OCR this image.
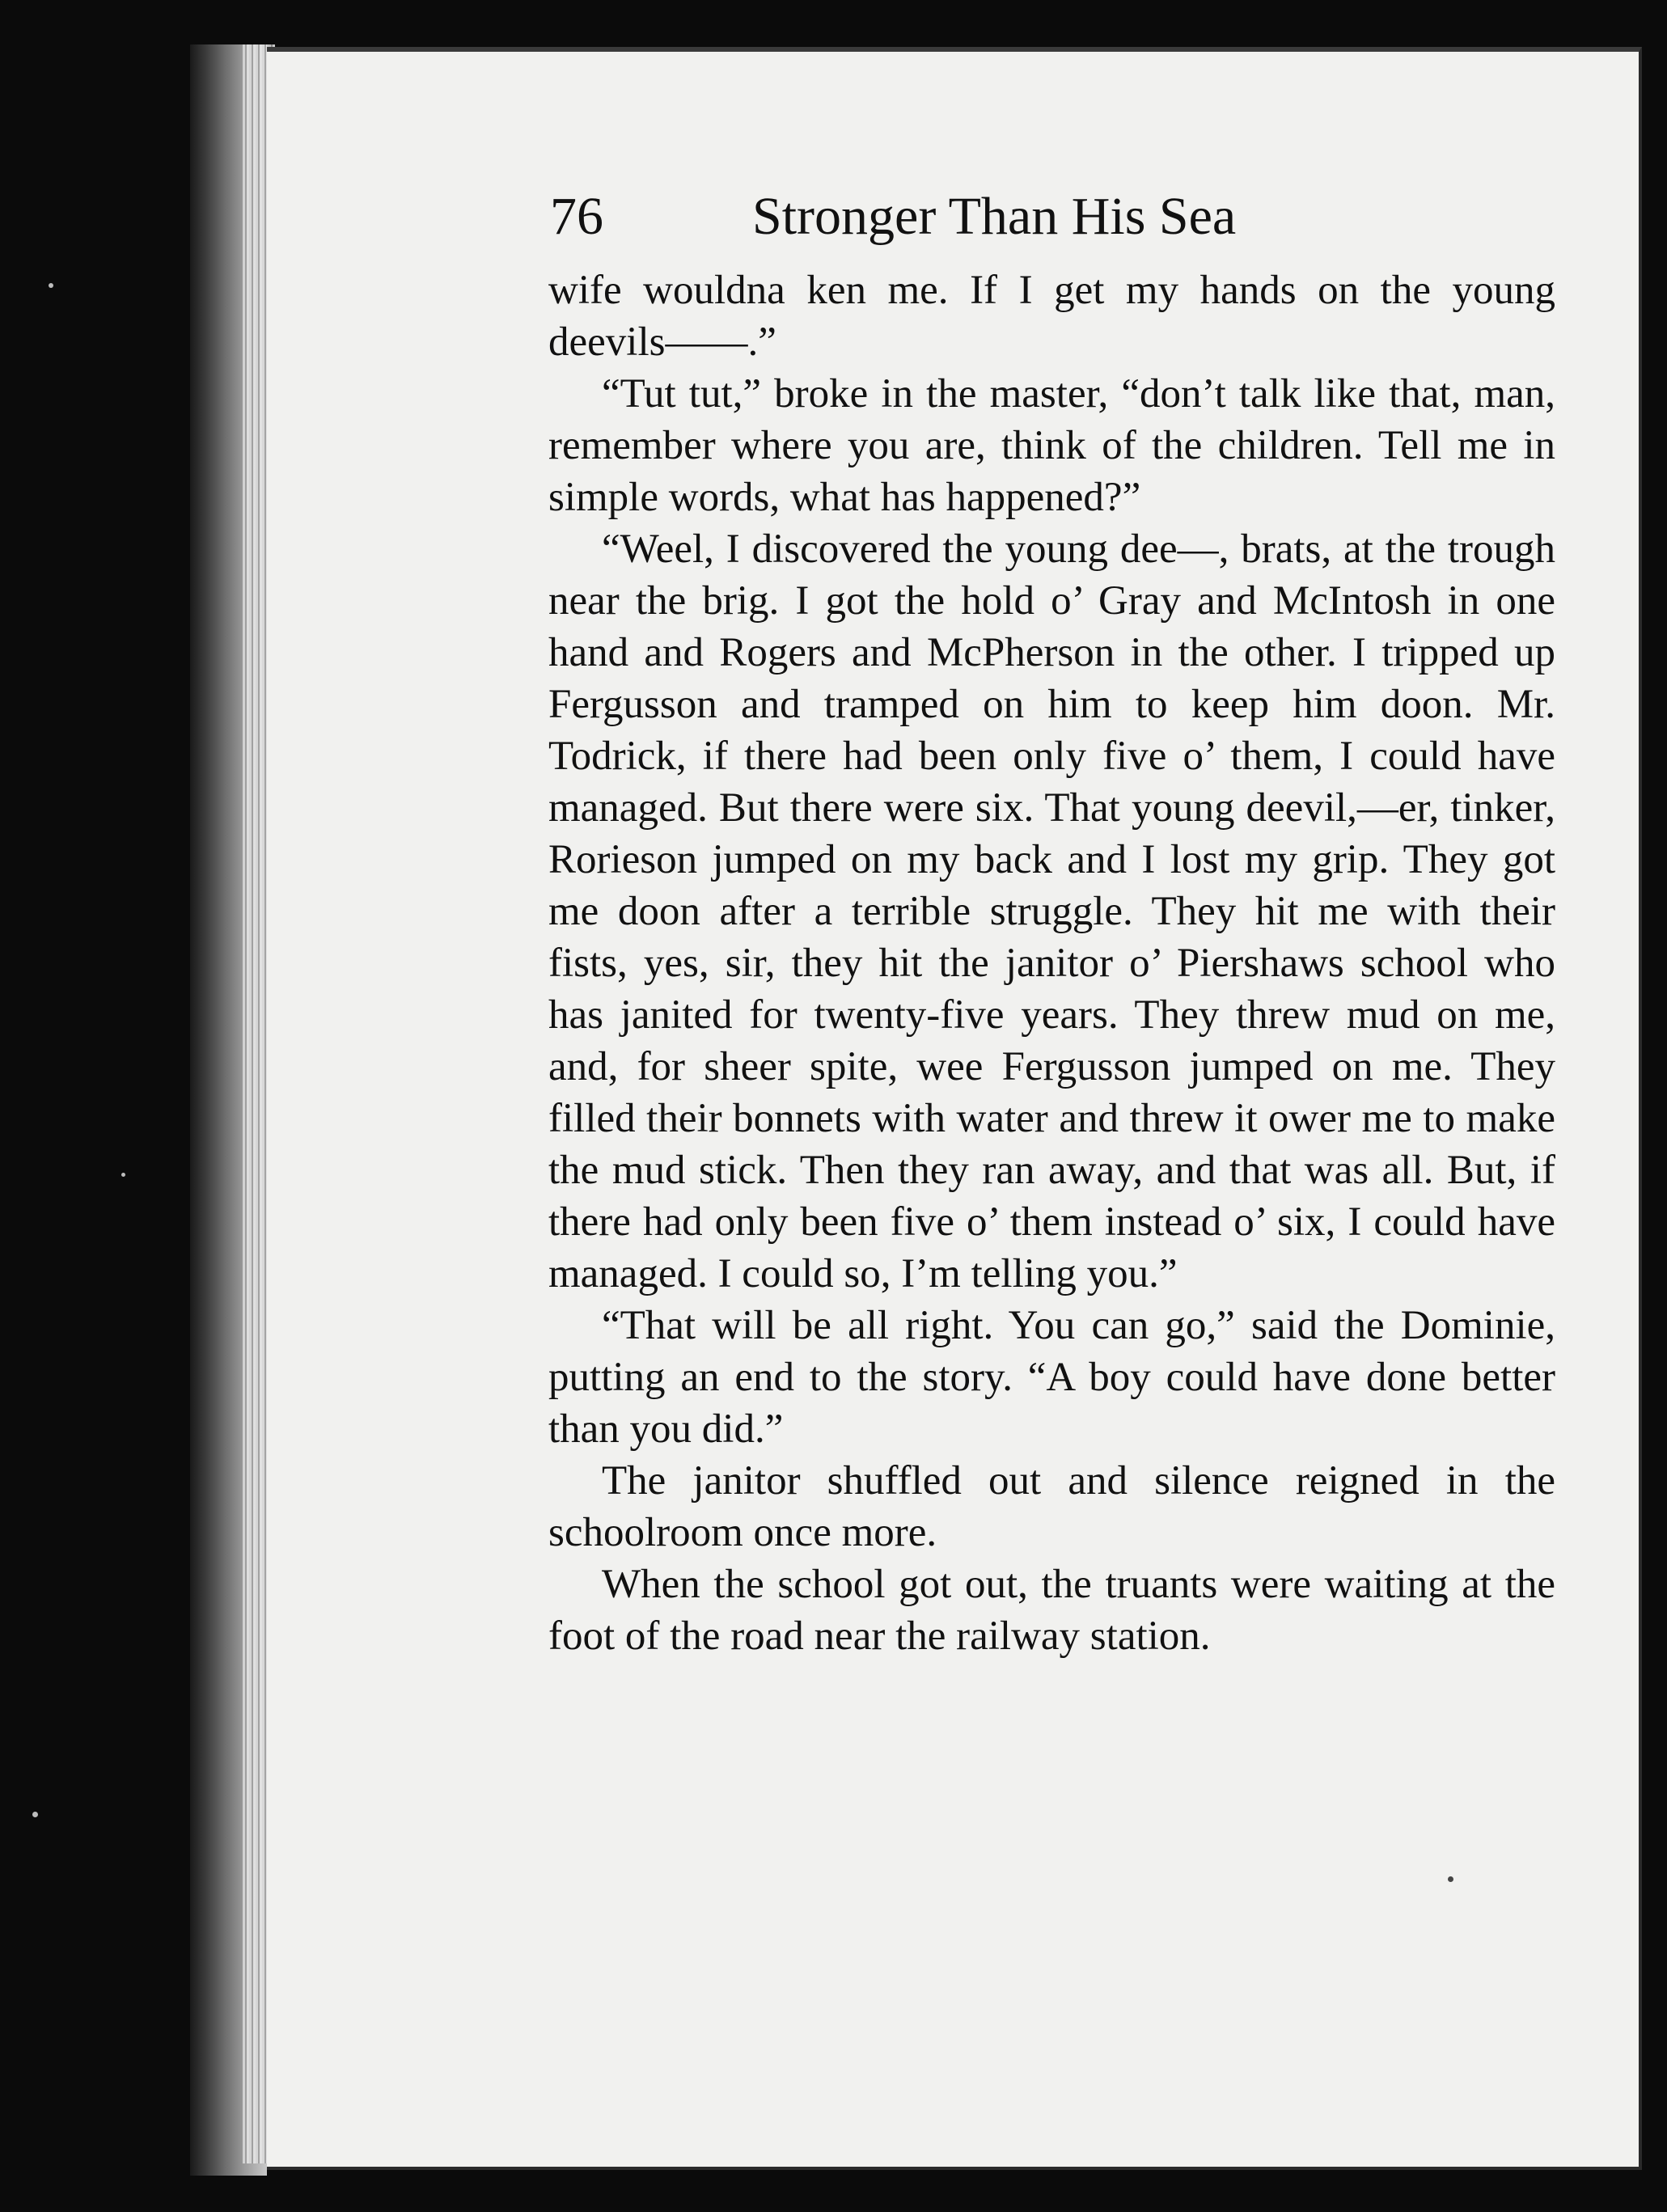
76	Stronger Than His Sea

wife wouldna ken me. If I get my hands on the young deevils——.”

“Tut tut,” broke in the master, “don’t talk like that, man, remember where you are, think of the children. Tell me in simple words, what has happened?”

“Weel, I discovered the young dee—, brats, at the trough near the brig. I got the hold o’ Gray and McIntosh in one hand and Rogers and McPherson in the other. I tripped up Fergusson and tramped on him to keep him doon. Mr. Todrick, if there had been only five o’ them, I could have managed. But there were six. That young deevil,—er, tinker, Rorieson jumped on my back and I lost my grip. They got me doon after a terrible struggle. They hit me with their fists, yes, sir, they hit the janitor o’ Piershaws school who has janited for twenty-five years. They threw mud on me, and, for sheer spite, wee Fergusson jumped on me. They filled their bonnets with water and threw it ower me to make the mud stick. Then they ran away, and that was all. But, if there had only been five o’ them instead o’ six, I could have managed. I could so, I’m telling you.”

“That will be all right. You can go,” said the Dominie, putting an end to the story. “A boy could have done better than you did.”

The janitor shuffled out and silence reigned in the schoolroom once more.

When the school got out, the truants were waiting at the foot of the road near the railway station.
